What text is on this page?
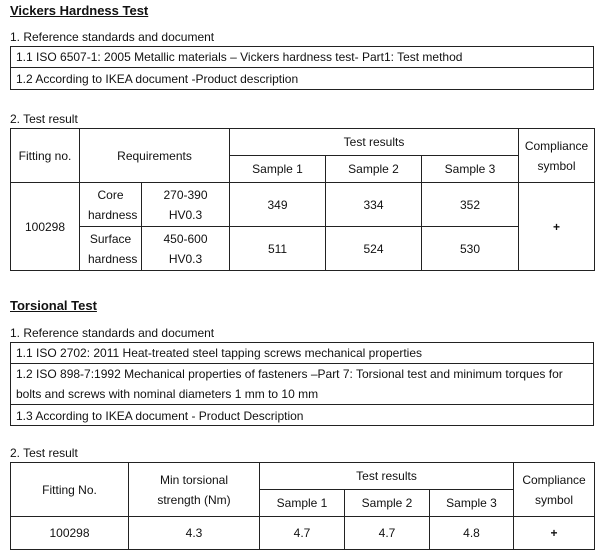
Vickers Hardness Test
1. Reference standards and document
1.1 ISO 6507-1: 2005 Metallic materials – Vickers hardness test- Part1: Test method
1.2 According to IKEA document -Product description
2. Test result
Fitting no.	Requirements		Test results			Compliance symbol
			Sample 1	Sample 2	Sample 3	
100298	Core hardness	270-390 HV0.3	349	334	352	+
	Surface hardness	450-600 HV0.3	511	524	530	
Torsional Test
1. Reference standards and document
1.1 ISO 2702: 2011 Heat-treated steel tapping screws mechanical properties
1.2 ISO 898-7:1992 Mechanical properties of fasteners –Part 7: Torsional test and minimum torques for bolts and screws with nominal diameters 1 mm to 10 mm
1.3 According to IKEA document - Product Description
2. Test result
Fitting No.	Min torsional strength (Nm)	Test results			Compliance symbol
		Sample 1	Sample 2	Sample 3	
100298	4.3	4.7	4.7	4.8	+
